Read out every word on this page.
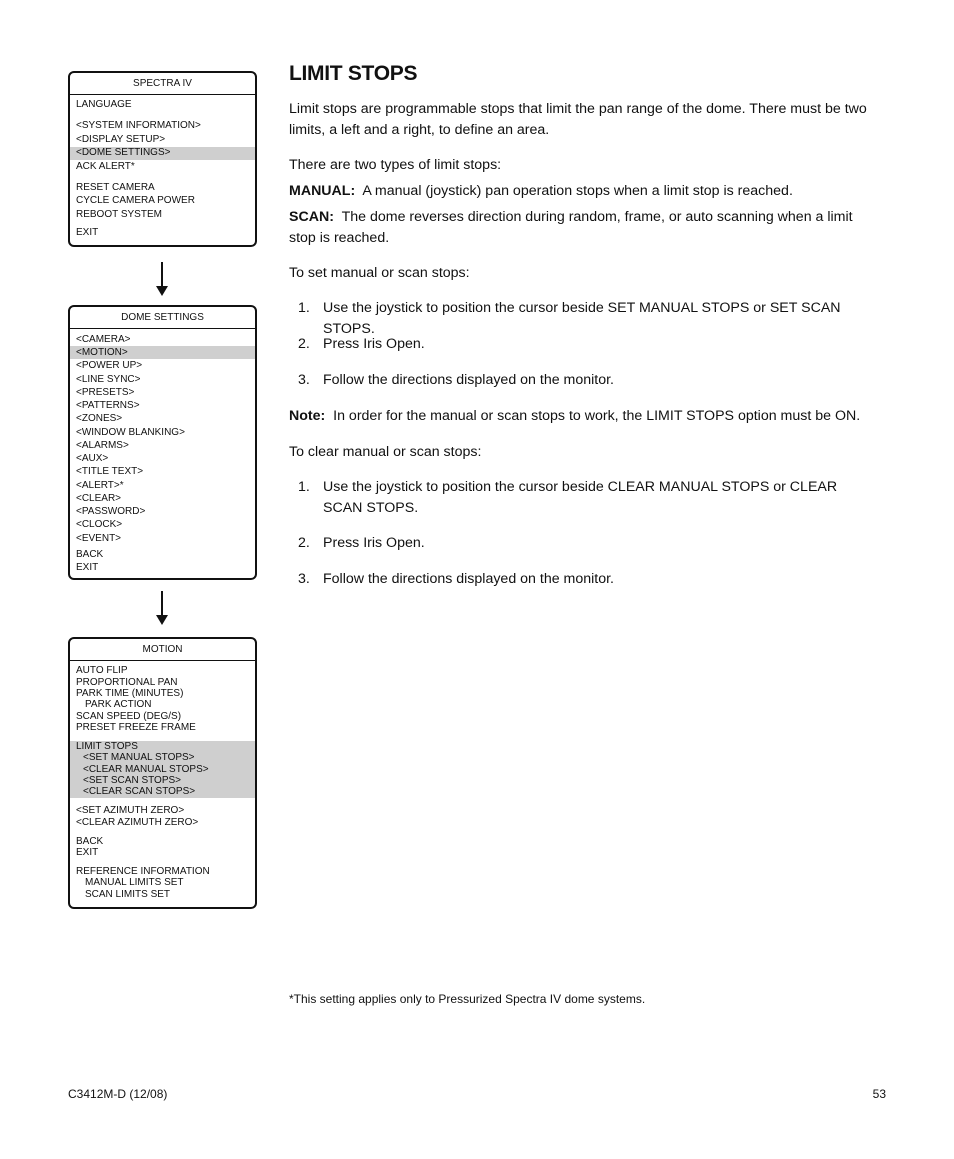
SPECTRA IV
LANGUAGE
<SYSTEM INFORMATION>
<DISPLAY SETUP>
<DOME SETTINGS>
ACK ALERT*
RESET CAMERA
CYCLE CAMERA POWER
REBOOT SYSTEM
EXIT
DOME SETTINGS
<CAMERA>
<MOTION>
<POWER UP>
<LINE SYNC>
<PRESETS>
<PATTERNS>
<ZONES>
<WINDOW BLANKING>
<ALARMS>
<AUX>
<TITLE TEXT>
<ALERT>*
<CLEAR>
<PASSWORD>
<CLOCK>
<EVENT>
BACK
EXIT
MOTION
AUTO FLIP
PROPORTIONAL PAN
PARK TIME (MINUTES)
PARK ACTION
SCAN SPEED (DEG/S)
PRESET FREEZE FRAME
LIMIT STOPS
<SET MANUAL STOPS>
<CLEAR MANUAL STOPS>
<SET SCAN STOPS>
<CLEAR SCAN STOPS>
<SET AZIMUTH ZERO>
<CLEAR AZIMUTH ZERO>
BACK
EXIT
REFERENCE INFORMATION
MANUAL LIMITS SET
SCAN LIMITS SET
LIMIT STOPS

Limit stops are programmable stops that limit the pan range of the dome. There must be two limits, a left and a right, to define an area.

There are two types of limit stops:

MANUAL: A manual (joystick) pan operation stops when a limit stop is reached.

SCAN: The dome reverses direction during random, frame, or auto scanning when a limit stop is reached.

To set manual or scan stops:

1. Use the joystick to position the cursor beside SET MANUAL STOPS or SET SCAN STOPS.
2. Press Iris Open.
3. Follow the directions displayed on the monitor.

Note: In order for the manual or scan stops to work, the LIMIT STOPS option must be ON.

To clear manual or scan stops:

1. Use the joystick to position the cursor beside CLEAR MANUAL STOPS or CLEAR SCAN STOPS.
2. Press Iris Open.
3. Follow the directions displayed on the monitor.
*This setting applies only to Pressurized Spectra IV dome systems.
C3412M-D (12/08)	53
